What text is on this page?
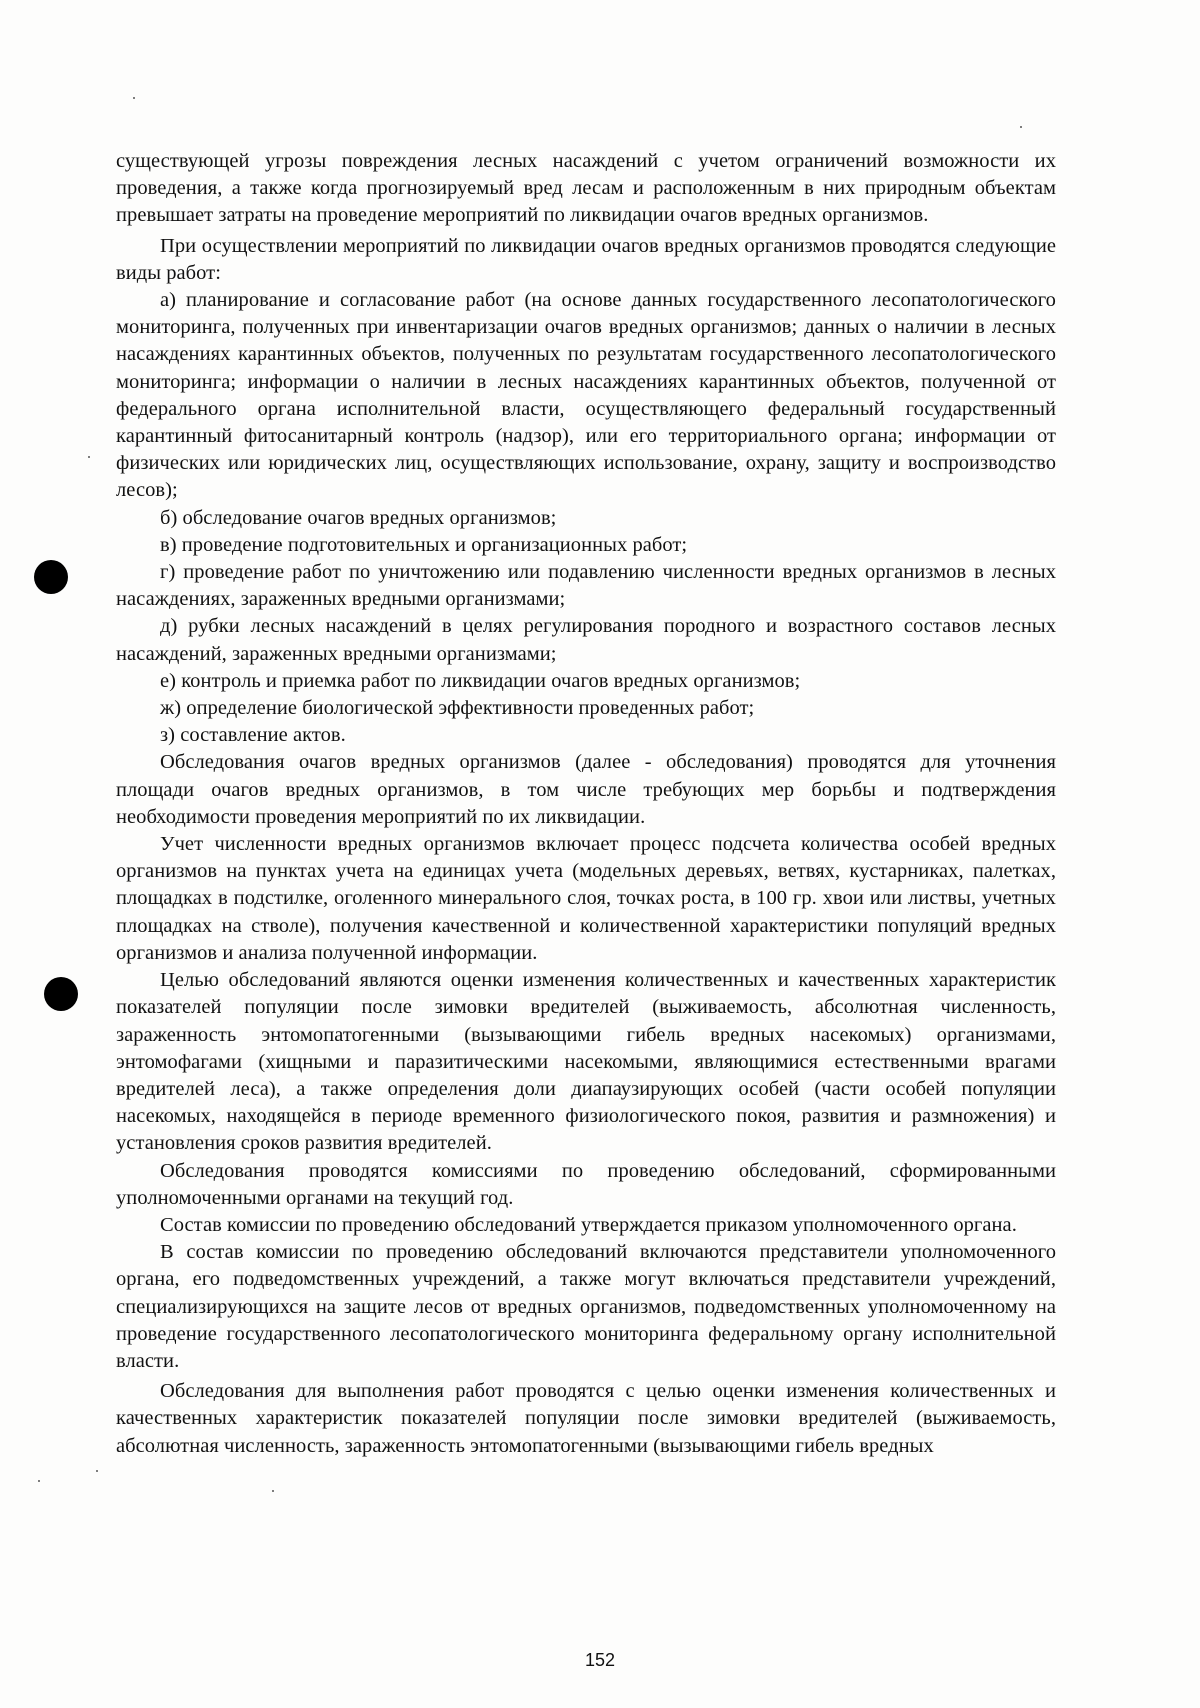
существующей угрозы повреждения лесных насаждений с учетом ограничений возможности их проведения, а также когда прогнозируемый вред лесам и расположенным в них природным объектам превышает затраты на проведение мероприятий по ликвидации очагов вредных организмов.

При осуществлении мероприятий по ликвидации очагов вредных организмов проводятся следующие виды работ:

а) планирование и согласование работ (на основе данных государственного лесопатологического мониторинга, полученных при инвентаризации очагов вредных организмов; данных о наличии в лесных насаждениях карантинных объектов, полученных по результатам государственного лесопатологического мониторинга; информации о наличии в лесных насаждениях карантинных объектов, полученной от федерального органа исполнительной власти, осуществляющего федеральный государственный карантинный фитосанитарный контроль (надзор), или его территориального органа; информации от физических или юридических лиц, осуществляющих использование, охрану, защиту и воспроизводство лесов);

б) обследование очагов вредных организмов;

в) проведение подготовительных и организационных работ;

г) проведение работ по уничтожению или подавлению численности вредных организмов в лесных насаждениях, зараженных вредными организмами;

д) рубки лесных насаждений в целях регулирования породного и возрастного составов лесных насаждений, зараженных вредными организмами;

е) контроль и приемка работ по ликвидации очагов вредных организмов;

ж) определение биологической эффективности проведенных работ;

з) составление актов.

Обследования очагов вредных организмов (далее - обследования) проводятся для уточнения площади очагов вредных организмов, в том числе требующих мер борьбы и подтверждения необходимости проведения мероприятий по их ликвидации.

Учет численности вредных организмов включает процесс подсчета количества особей вредных организмов на пунктах учета на единицах учета (модельных деревьях, ветвях, кустарниках, палетках, площадках в подстилке, оголенного минерального слоя, точках роста, в 100 гр. хвои или листвы, учетных площадках на стволе), получения качественной и количественной характеристики популяций вредных организмов и анализа полученной информации.

Целью обследований являются оценки изменения количественных и качественных характеристик показателей популяции после зимовки вредителей (выживаемость, абсолютная численность, зараженность энтомопатогенными (вызывающими гибель вредных насекомых) организмами, энтомофагами (хищными и паразитическими насекомыми, являющимися естественными врагами вредителей леса), а также определения доли диапаузирующих особей (части особей популяции насекомых, находящейся в периоде временного физиологического покоя, развития и размножения) и установления сроков развития вредителей.

Обследования проводятся комиссиями по проведению обследований, сформированными уполномоченными органами на текущий год.

Состав комиссии по проведению обследований утверждается приказом уполномоченного органа.

В состав комиссии по проведению обследований включаются представители уполномоченного органа, его подведомственных учреждений, а также могут включаться представители учреждений, специализирующихся на защите лесов от вредных организмов, подведомственных уполномоченному на проведение государственного лесопатологического мониторинга федеральному органу исполнительной власти.

Обследования для выполнения работ проводятся с целью оценки изменения количественных и качественных характеристик показателей популяции после зимовки вредителей (выживаемость, абсолютная численность, зараженность энтомопатогенными (вызывающими гибель вредных

152
